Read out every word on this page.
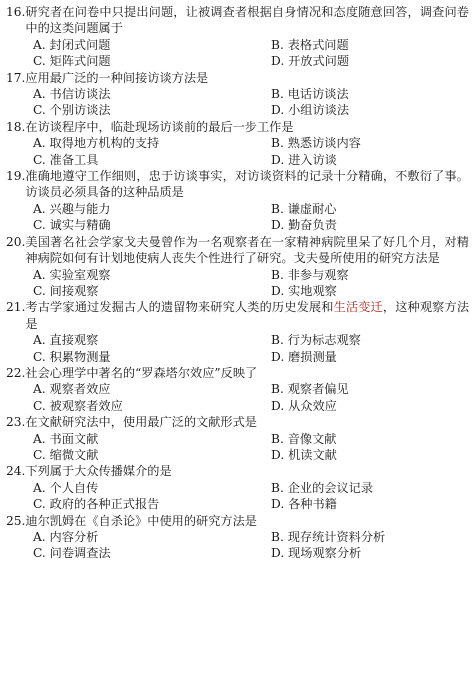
16. 研究者在问卷中只提出问题，让被调查者根据自身情况和态度随意回答，调查问卷中的这类问题属于
A. 封闭式问题	B. 表格式问题
C. 矩阵式问题	D. 开放式问题
17. 应用最广泛的一种间接访谈方法是
A. 书信访谈法	B. 电话访谈法
C. 个别访谈法	D. 小组访谈法
18. 在访谈程序中，临赴现场访谈前的最后一步工作是
A. 取得地方机构的支持	B. 熟悉访谈内容
C. 准备工具	D. 进入访谈
19. 准确地遵守工作细则，忠于访谈事实，对访谈资料的记录十分精确，不敷衍了事。访谈员必须具备的这种品质是
A. 兴趣与能力	B. 谦虚耐心
C. 诚实与精确	D. 勤奋负责
20. 美国著名社会学家戈夫曼曾作为一名观察者在一家精神病院里呆了好几个月，对精神病院如何有计划地使病人丧失个性进行了研究。戈夫曼所使用的研究方法是
A. 实验室观察	B. 非参与观察
C. 间接观察	D. 实地观察
21. 考古学家通过发掘古人的遗留物来研究人类的历史发展和生活变迁，这种观察方法是
A. 直接观察	B. 行为标志观察
C. 积累物测量	D. 磨损测量
22. 社会心理学中著名的“罗森塔尔效应”反映了
A. 观察者效应	B. 观察者偏见
C. 被观察者效应	D. 从众效应
23. 在文献研究法中，使用最广泛的文献形式是
A. 书面文献	B. 音像文献
C. 缩微文献	D. 机读文献
24. 下列属于大众传播媒介的是
A. 个人自传	B. 企业的会议记录
C. 政府的各种正式报告	D. 各种书籍
25. 迪尔凯姆在《自杀论》中使用的研究方法是
A. 内容分析	B. 现存统计资料分析
C. 问卷调查法	D. 现场观察分析
